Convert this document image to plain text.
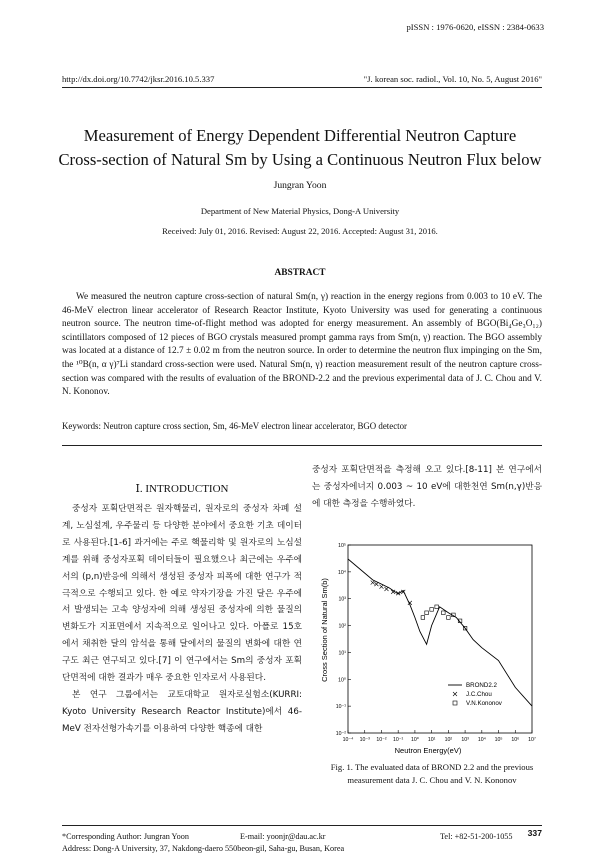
pISSN : 1976-0620, eISSN : 2384-0633
http://dx.doi.org/10.7742/jksr.2016.10.5.337	"J. korean soc. radiol., Vol. 10, No. 5, August 2016"
Measurement of Energy Dependent Differential Neutron Capture
Cross-section of Natural Sm by Using a Continuous Neutron Flux below
Jungran Yoon
Department of New Material Physics, Dong-A University
Received: July 01, 2016. Revised: August 22, 2016. Accepted: August 31, 2016.
ABSTRACT
We measured the neutron capture cross-section of natural Sm(n, γ) reaction in the energy regions from 0.003 to 10 eV. The 46-MeV electron linear accelerator of Research Reactor Institute, Kyoto University was used for generating a continuous neutron source. The neutron time-of-flight method was adopted for energy measurement. An assembly of BGO(Bi₄Ge₃O₁₂) scintillators composed of 12 pieces of BGO crystals measured prompt gamma rays from Sm(n, γ) reaction. The BGO assembly was located at a distance of 12.7 ± 0.02 m from the neutron source. In order to determine the neutron flux impinging on the Sm, the ¹⁰B(n, α γ)⁷Li standard cross-section were used. Natural Sm(n, γ) reaction measurement result of the neutron capture cross-section was compared with the results of evaluation of the BROND-2.2 and the previous experimental data of J. C. Chou and V. N. Kononov.
Keywords: Neutron capture cross section, Sm, 46-MeV electron linear accelerator, BGO detector
Ⅰ. INTRODUCTION

중성자 포획단면적은 원자핵물리, 원자로의 중성자 차폐 설계, 노심설계, 우주물리 등 다양한 분야에서 중요한 기초 데이터로 사용된다.[1-6] 과거에는 주로 핵물리학 및 원자로의 노심설계를 위해 중성자포획 데이터들이 필요했으나 최근에는 우주에서의 (p,n)반응에 의해서 생성된 중성자 피폭에 대한 연구가 적극적으로 수행되고 있다. 한 예로 약자기장을 가진 달은 우주에서 발생되는 고속 양성자에 의해 생성된 중성자에 의한 물질의 변화도가 지표면에서 지속적으로 일어나고 있다. 아폴로 15호에서 채취한 달의 암석을 통해 달에서의 물질의 변화에 대한 연구도 최근 연구되고 있다.[7] 이 연구에서는 Sm의 중성자 포획단면적에 대한 결과가 매우 중요한 인자로서 사용된다.

본 연구 그룹에서는 교토대학교 원자로실험소(KURRI: Kyoto University Research Reactor Institute)에서 46-MeV 전자선형가속기를 이용하여 다양한 핵종에 대한

중성자 포획단면적을 측정해 오고 있다.[8-11] 본 연구에서는 중성자에너지 0.003 ~ 10 eV에 대한천연 Sm(n,γ)반응에 대한 측정을 수행하였다.

10⁻⁴ 10⁻³ 10⁻² 10⁻¹ 10⁰ 10¹ 10² 10³ 10⁴ 10⁵ 10⁶ 10⁷
10⁻²
10⁻¹
10⁰
10¹
10²
10³
10⁴
10⁵
Neutron Energy(eV)
Cross Section of Natural Sm(b)
BROND2.2
J.C.Chou
V.N.Kononov
Fig. 1. The evaluated data of BROND 2.2 and the previous measurement data J. C. Chou and V. N. Kononov
*Corresponding Author: Jungran Yoon	E-mail: yoonjr@dau.ac.kr	Tel: +82-51-200-1055 337
Address: Dong-A University, 37, Nakdong-daero 550beon-gil, Saha-gu, Busan, Korea
